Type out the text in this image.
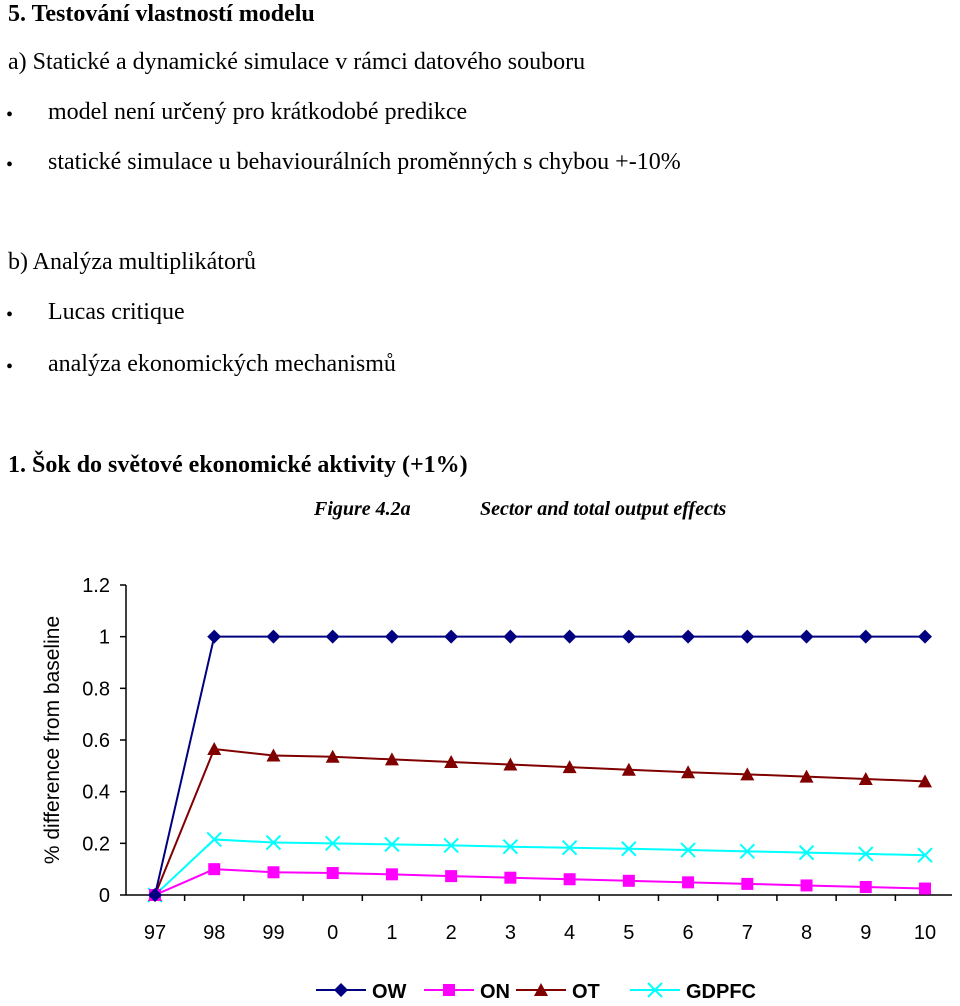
5. Testování vlastností modelu
a) Statické a dynamické simulace v rámci datového souboru
• model není určený pro krátkodobé predikce
• statické simulace u behaviourálních proměnných s chybou +-10%
b) Analýza multiplikátorů
• Lucas critique
• analýza ekonomických mechanismů
1. Šok do světové ekonomické aktivity (+1%)
Figure 4.2a	Sector and total output effects
0
0.2
0.4
0.6
0.8
1
1.2
97 98 99 0 1 2 3 4 5 6 7 8 9 10
OW	ON	OT	GDPFC
% difference from baseline
